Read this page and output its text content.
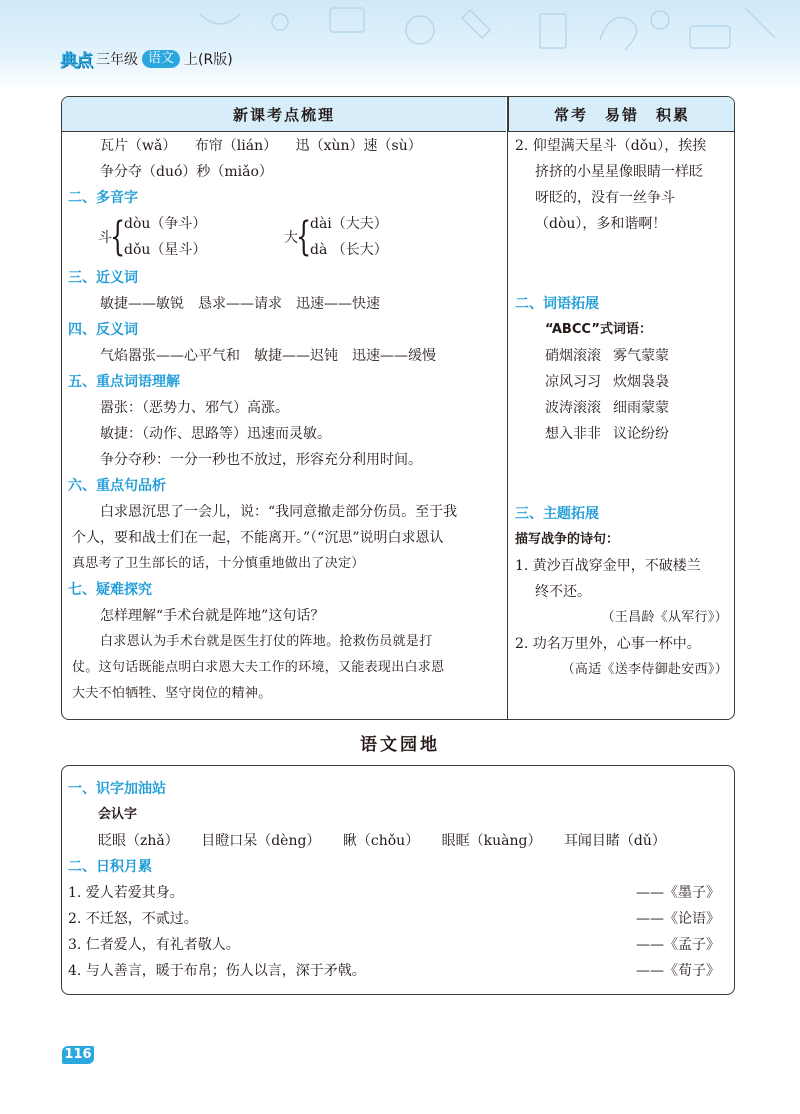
典点 三年级 语文 上(R版)
新课考点梳理	常考　易错　积累
瓦片（wǎ） 布帘（lián） 迅（xùn）速（sù）
争分夺（duó）秒（miǎo）
二、多音字
斗
{
dòu（争斗）
dǒu（星斗）
大
{
dài（大夫）
dà （长大）
三、近义词
敏捷——敏锐　恳求——请求　迅速——快速
四、反义词
气焰嚣张——心平气和　敏捷——迟钝　迅速——缓慢
五、重点词语理解
嚣张：（恶势力、邪气）高涨。
敏捷：（动作、思路等）迅速而灵敏。
争分夺秒：一分一秒也不放过，形容充分利用时间。
六、重点句品析
白求恩沉思了一会儿，说：“我同意撤走部分伤员。至于我
个人，要和战士们在一起，不能离开。”（“沉思”说明白求恩认
真思考了卫生部长的话，十分慎重地做出了决定）
七、疑难探究
怎样理解“手术台就是阵地”这句话？
白求恩认为手术台就是医生打仗的阵地。抢救伤员就是打
仗。这句话既能点明白求恩大夫工作的环境，又能表现出白求恩
大夫不怕牺牲、坚守岗位的精神。
2. 仰望满天星斗（dǒu），挨挨
挤挤的小星星像眼睛一样眨
呀眨的，没有一丝争斗
（dòu），多和谐啊！
二、词语拓展
“ABCC”式词语：
硝烟滚滚 雾气蒙蒙
凉风习习 炊烟袅袅
波涛滚滚 细雨蒙蒙
想入非非 议论纷纷
三、主题拓展
描写战争的诗句：
1. 黄沙百战穿金甲，不破楼兰
终不还。
（王昌龄《从军行》）
2. 功名万里外，心事一杯中。
（高适《送李侍御赴安西》）
语文园地
一、识字加油站
会认字
眨眼（zhǎ） 目瞪口呆（dèng） 瞅（chǒu） 眼眶（kuàng） 耳闻目睹（dǔ）
二、日积月累
1. 爱人若爱其身。	——《墨子》
2. 不迁怒，不贰过。	——《论语》
3. 仁者爱人，有礼者敬人。	——《孟子》
4. 与人善言，暖于布帛；伤人以言，深于矛戟。	——《荀子》
116
